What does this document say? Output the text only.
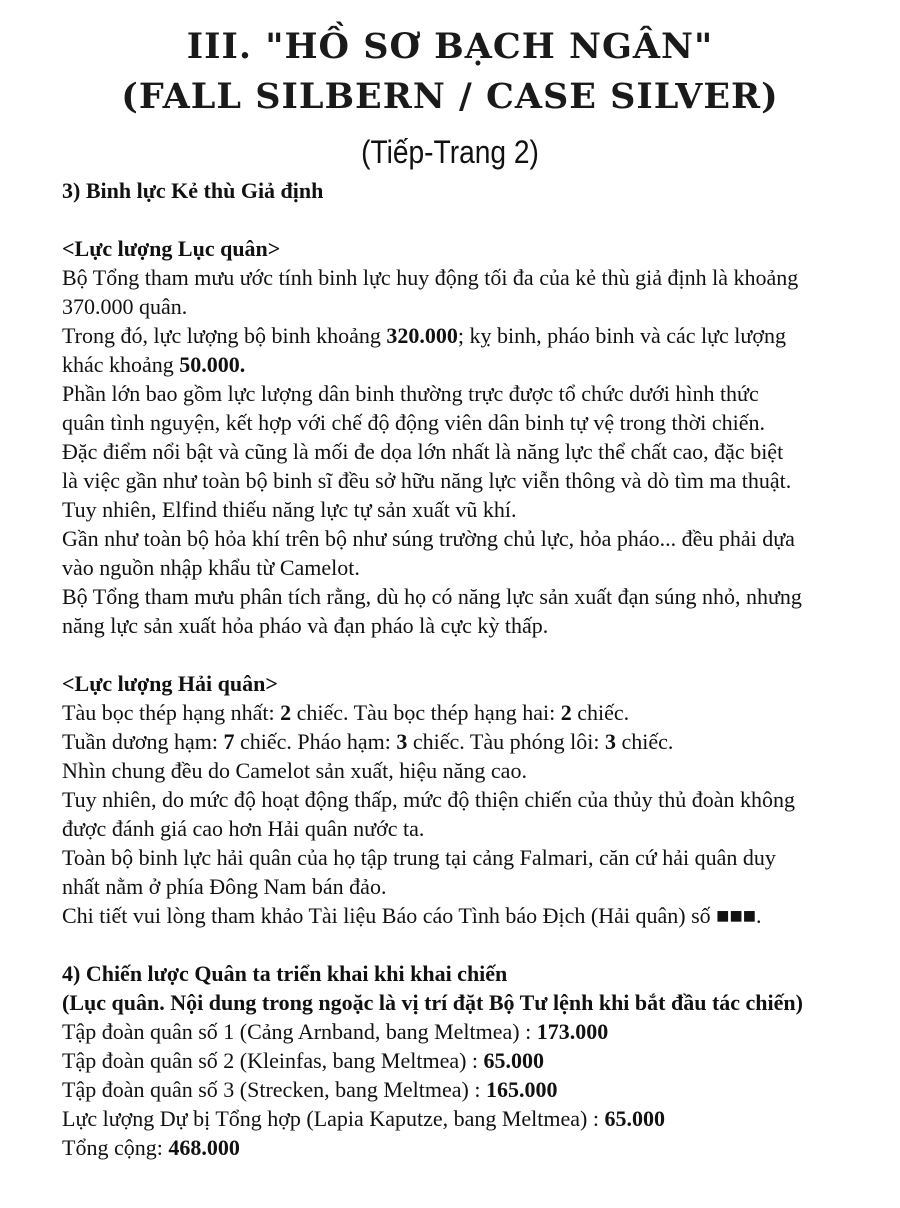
III. "HỒ SƠ BẠCH NGÂN"

(FALL SILBERN / CASE SILVER)

(Tiếp-Trang 2)

3) Binh lực Kẻ thù Giả định

<Lực lượng Lục quân>

Bộ Tổng tham mưu ước tính binh lực huy động tối đa của kẻ thù giả định là khoảng

370.000 quân.

Trong đó, lực lượng bộ binh khoảng 320.000; kỵ binh, pháo binh và các lực lượng

khác khoảng 50.000.

Phần lớn bao gồm lực lượng dân binh thường trực được tổ chức dưới hình thức

quân tình nguyện, kết hợp với chế độ động viên dân binh tự vệ trong thời chiến.

Đặc điểm nổi bật và cũng là mối đe dọa lớn nhất là năng lực thể chất cao, đặc biệt

là việc gần như toàn bộ binh sĩ đều sở hữu năng lực viễn thông và dò tìm ma thuật.

Tuy nhiên, Elfind thiếu năng lực tự sản xuất vũ khí.

Gần như toàn bộ hỏa khí trên bộ như súng trường chủ lực, hỏa pháo... đều phải dựa

vào nguồn nhập khẩu từ Camelot.

Bộ Tổng tham mưu phân tích rằng, dù họ có năng lực sản xuất đạn súng nhỏ, nhưng

năng lực sản xuất hỏa pháo và đạn pháo là cực kỳ thấp.

<Lực lượng Hải quân>

Tàu bọc thép hạng nhất: 2 chiếc. Tàu bọc thép hạng hai: 2 chiếc.

Tuần dương hạm: 7 chiếc. Pháo hạm: 3 chiếc. Tàu phóng lôi: 3 chiếc.

Nhìn chung đều do Camelot sản xuất, hiệu năng cao.

Tuy nhiên, do mức độ hoạt động thấp, mức độ thiện chiến của thủy thủ đoàn không

được đánh giá cao hơn Hải quân nước ta.

Toàn bộ binh lực hải quân của họ tập trung tại cảng Falmari, căn cứ hải quân duy

nhất nằm ở phía Đông Nam bán đảo.

Chi tiết vui lòng tham khảo Tài liệu Báo cáo Tình báo Địch (Hải quân) số ■■■.

4) Chiến lược Quân ta triển khai khi khai chiến

(Lục quân. Nội dung trong ngoặc là vị trí đặt Bộ Tư lệnh khi bắt đầu tác chiến)

Tập đoàn quân số 1 (Cảng Arnband, bang Meltmea) : 173.000

Tập đoàn quân số 2 (Kleinfas, bang Meltmea) : 65.000

Tập đoàn quân số 3 (Strecken, bang Meltmea) : 165.000

Lực lượng Dự bị Tổng hợp (Lapia Kaputze, bang Meltmea) : 65.000

Tổng cộng: 468.000
